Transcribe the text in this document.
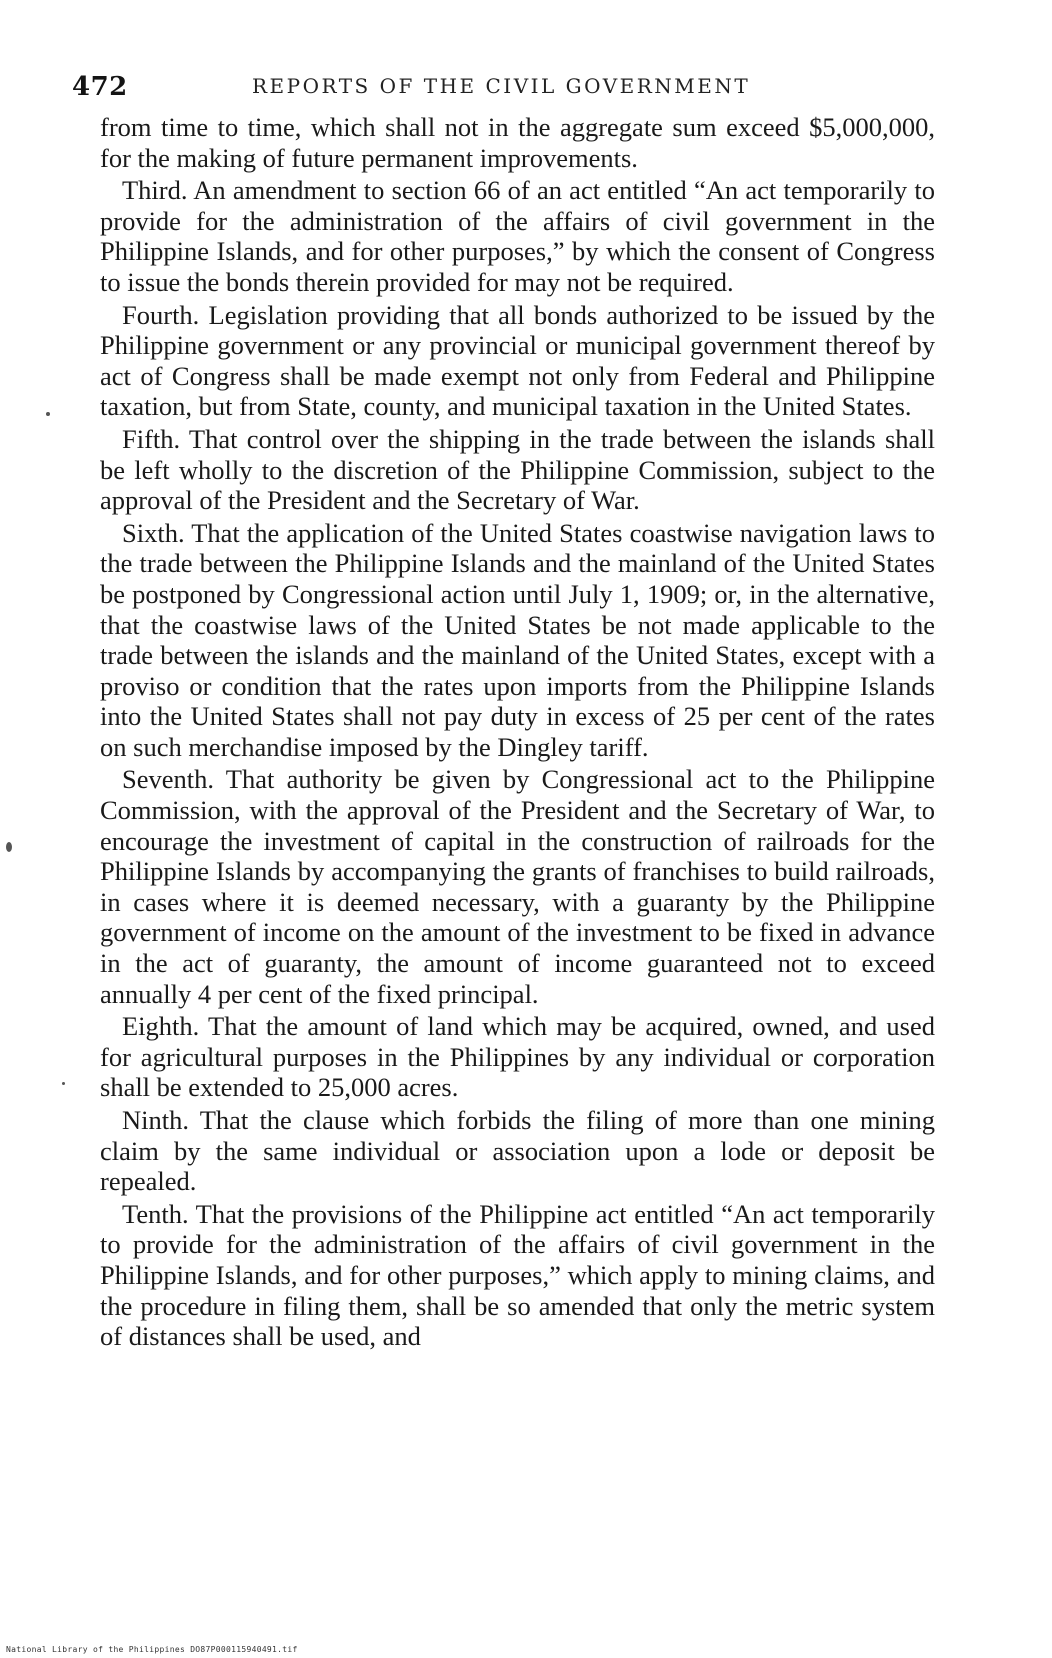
472	REPORTS OF THE CIVIL GOVERNMENT

from time to time, which shall not in the aggregate sum exceed $5,000,000, for the making of future permanent improvements.

Third. An amendment to section 66 of an act entitled “An act temporarily to provide for the administration of the affairs of civil government in the Philippine Islands, and for other purposes,” by which the consent of Congress to issue the bonds therein provided for may not be required.

Fourth. Legislation providing that all bonds authorized to be issued by the Philippine government or any provincial or municipal government thereof by act of Congress shall be made exempt not only from Federal and Philippine taxation, but from State, county, and municipal taxation in the United States.

Fifth. That control over the shipping in the trade between the islands shall be left wholly to the discretion of the Philippine Commission, subject to the approval of the President and the Secretary of War.

Sixth. That the application of the United States coastwise navigation laws to the trade between the Philippine Islands and the mainland of the United States be postponed by Congressional action until July 1, 1909; or, in the alternative, that the coastwise laws of the United States be not made applicable to the trade between the islands and the mainland of the United States, except with a proviso or condition that the rates upon imports from the Philippine Islands into the United States shall not pay duty in excess of 25 per cent of the rates on such merchandise imposed by the Dingley tariff.

Seventh. That authority be given by Congressional act to the Philippine Commission, with the approval of the President and the Secretary of War, to encourage the investment of capital in the construction of railroads for the Philippine Islands by accompanying the grants of franchises to build railroads, in cases where it is deemed necessary, with a guaranty by the Philippine government of income on the amount of the investment to be fixed in advance in the act of guaranty, the amount of income guaranteed not to exceed annually 4 per cent of the fixed principal.

Eighth. That the amount of land which may be acquired, owned, and used for agricultural purposes in the Philippines by any individual or corporation shall be extended to 25,000 acres.

Ninth. That the clause which forbids the filing of more than one mining claim by the same individual or association upon a lode or deposit be repealed.

Tenth. That the provisions of the Philippine act entitled “An act temporarily to provide for the administration of the affairs of civil government in the Philippine Islands, and for other purposes,” which apply to mining claims, and the procedure in filing them, shall be so amended that only the metric system of distances shall be used, and

National Library of the Philippines DO87P000115940491.tif
